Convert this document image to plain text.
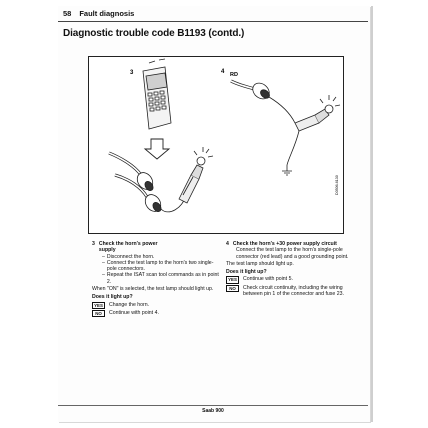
58 Fault diagnosis
Diagnostic trouble code B1193 (contd.)
3	4 RD
D0506-6130
3 Check the horn's power
supply
– Disconnect the horn.
– Connect the test lamp to the horn's two single-pole connectors.
– Repeat the ISAT scan tool commands as in point 2.
When "ON" is selected, the test lamp should light up.
Does it light up?
YES	Change the horn.
NO	Continue with point 4.
4 Check the horn's +30 power supply circuit
Connect the test lamp to the horn's single-pole connector (red lead) and a good grounding point.
The test lamp should light up.
Does it light up?
YES	Continue with point 5.
NO	Check circuit continuity, including the wiring between pin 1 of the connector and fuse 23.
Saab 900
